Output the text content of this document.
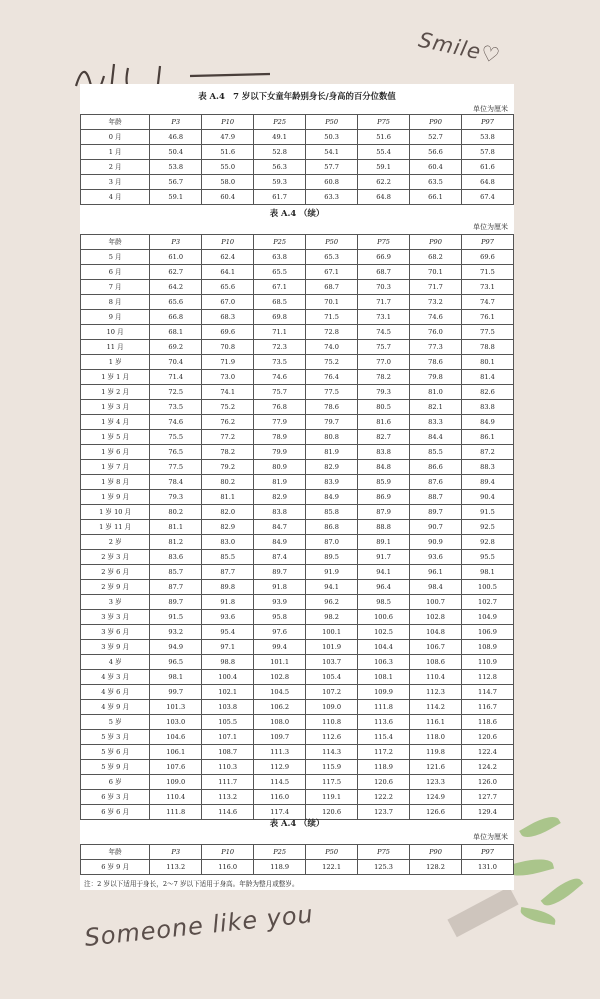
Smile♡
Someone like you
表 A.4　7 岁以下女童年龄别身长/身高的百分位数值
单位为厘米
年龄	P3	P10	P25	P50	P75	P90	P97
0 月	46.8	47.9	49.1	50.3	51.6	52.7	53.8
1 月	50.4	51.6	52.8	54.1	55.4	56.6	57.8
2 月	53.8	55.0	56.3	57.7	59.1	60.4	61.6
3 月	56.7	58.0	59.3	60.8	62.2	63.5	64.8
4 月	59.1	60.4	61.7	63.3	64.8	66.1	67.4
表 A.4 （续）
单位为厘米
年龄	P3	P10	P25	P50	P75	P90	P97
5 月	61.0	62.4	63.8	65.3	66.9	68.2	69.6
6 月	62.7	64.1	65.5	67.1	68.7	70.1	71.5
7 月	64.2	65.6	67.1	68.7	70.3	71.7	73.1
8 月	65.6	67.0	68.5	70.1	71.7	73.2	74.7
9 月	66.8	68.3	69.8	71.5	73.1	74.6	76.1
10 月	68.1	69.6	71.1	72.8	74.5	76.0	77.5
11 月	69.2	70.8	72.3	74.0	75.7	77.3	78.8
1 岁	70.4	71.9	73.5	75.2	77.0	78.6	80.1
1 岁 1 月	71.4	73.0	74.6	76.4	78.2	79.8	81.4
1 岁 2 月	72.5	74.1	75.7	77.5	79.3	81.0	82.6
1 岁 3 月	73.5	75.2	76.8	78.6	80.5	82.1	83.8
1 岁 4 月	74.6	76.2	77.9	79.7	81.6	83.3	84.9
1 岁 5 月	75.5	77.2	78.9	80.8	82.7	84.4	86.1
1 岁 6 月	76.5	78.2	79.9	81.9	83.8	85.5	87.2
1 岁 7 月	77.5	79.2	80.9	82.9	84.8	86.6	88.3
1 岁 8 月	78.4	80.2	81.9	83.9	85.9	87.6	89.4
1 岁 9 月	79.3	81.1	82.9	84.9	86.9	88.7	90.4
1 岁 10 月	80.2	82.0	83.8	85.8	87.9	89.7	91.5
1 岁 11 月	81.1	82.9	84.7	86.8	88.8	90.7	92.5
2 岁	81.2	83.0	84.9	87.0	89.1	90.9	92.8
2 岁 3 月	83.6	85.5	87.4	89.5	91.7	93.6	95.5
2 岁 6 月	85.7	87.7	89.7	91.9	94.1	96.1	98.1
2 岁 9 月	87.7	89.8	91.8	94.1	96.4	98.4	100.5
3 岁	89.7	91.8	93.9	96.2	98.5	100.7	102.7
3 岁 3 月	91.5	93.6	95.8	98.2	100.6	102.8	104.9
3 岁 6 月	93.2	95.4	97.6	100.1	102.5	104.8	106.9
3 岁 9 月	94.9	97.1	99.4	101.9	104.4	106.7	108.9
4 岁	96.5	98.8	101.1	103.7	106.3	108.6	110.9
4 岁 3 月	98.1	100.4	102.8	105.4	108.1	110.4	112.8
4 岁 6 月	99.7	102.1	104.5	107.2	109.9	112.3	114.7
4 岁 9 月	101.3	103.8	106.2	109.0	111.8	114.2	116.7
5 岁	103.0	105.5	108.0	110.8	113.6	116.1	118.6
5 岁 3 月	104.6	107.1	109.7	112.6	115.4	118.0	120.6
5 岁 6 月	106.1	108.7	111.3	114.3	117.2	119.8	122.4
5 岁 9 月	107.6	110.3	112.9	115.9	118.9	121.6	124.2
6 岁	109.0	111.7	114.5	117.5	120.6	123.3	126.0
6 岁 3 月	110.4	113.2	116.0	119.1	122.2	124.9	127.7
6 岁 6 月	111.8	114.6	117.4	120.6	123.7	126.6	129.4
表 A.4 （续）
单位为厘米
年龄	P3	P10	P25	P50	P75	P90	P97
6 岁 9 月	113.2	116.0	118.9	122.1	125.3	128.2	131.0
注：2 岁以下适用于身长，2～7 岁以下适用于身高。年龄为整月或整岁。
